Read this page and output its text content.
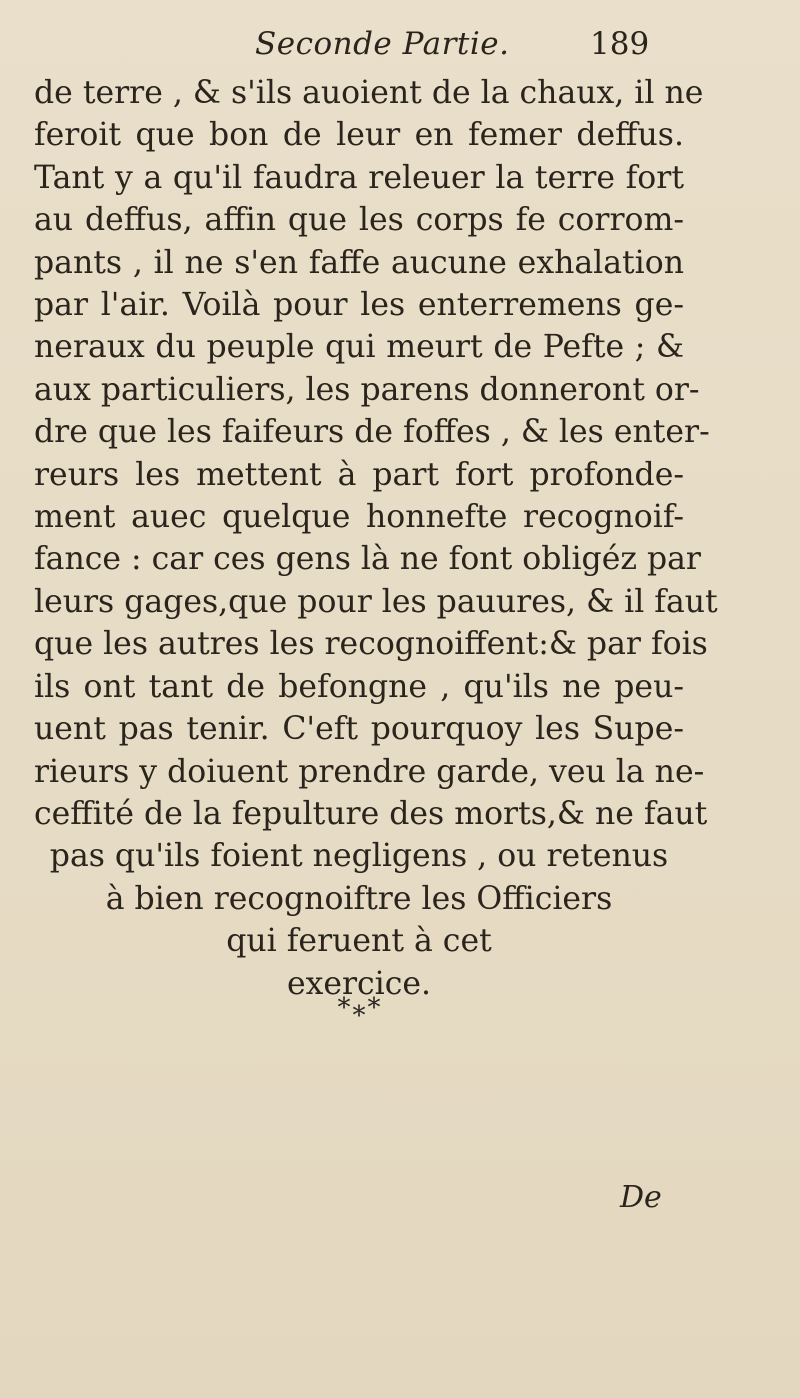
Seconde Partie.	189
de terre , & s'ils auoient de la chaux, il ne
feroit que bon de leur en femer deffus.
Tant y a qu'il faudra releuer la terre fort
au deffus, affin que les corps fe corrom-
pants , il ne s'en faffe aucune exhalation
par l'air. Voilà pour les enterremens ge-
neraux du peuple qui meurt de Pefte ; &
aux particuliers, les parens donneront or-
dre que les faifeurs de foffes , & les enter-
reurs les mettent à part fort profonde-
ment auec quelque honnefte recognoif-
fance : car ces gens là ne font obligéz par
leurs gages,que pour les pauures, & il faut
que les autres les recognoiffent:& par fois
ils ont tant de befongne , qu'ils ne peu-
uent pas tenir. C'eft pourquoy les Supe-
rieurs y doiuent prendre garde, veu la ne-
ceffité de la fepulture des morts,& ne faut
pas qu'ils foient negligens , ou retenus
à bien recognoiftre les Officiers
qui feruent à cet
exercice.
*⁎*
De
